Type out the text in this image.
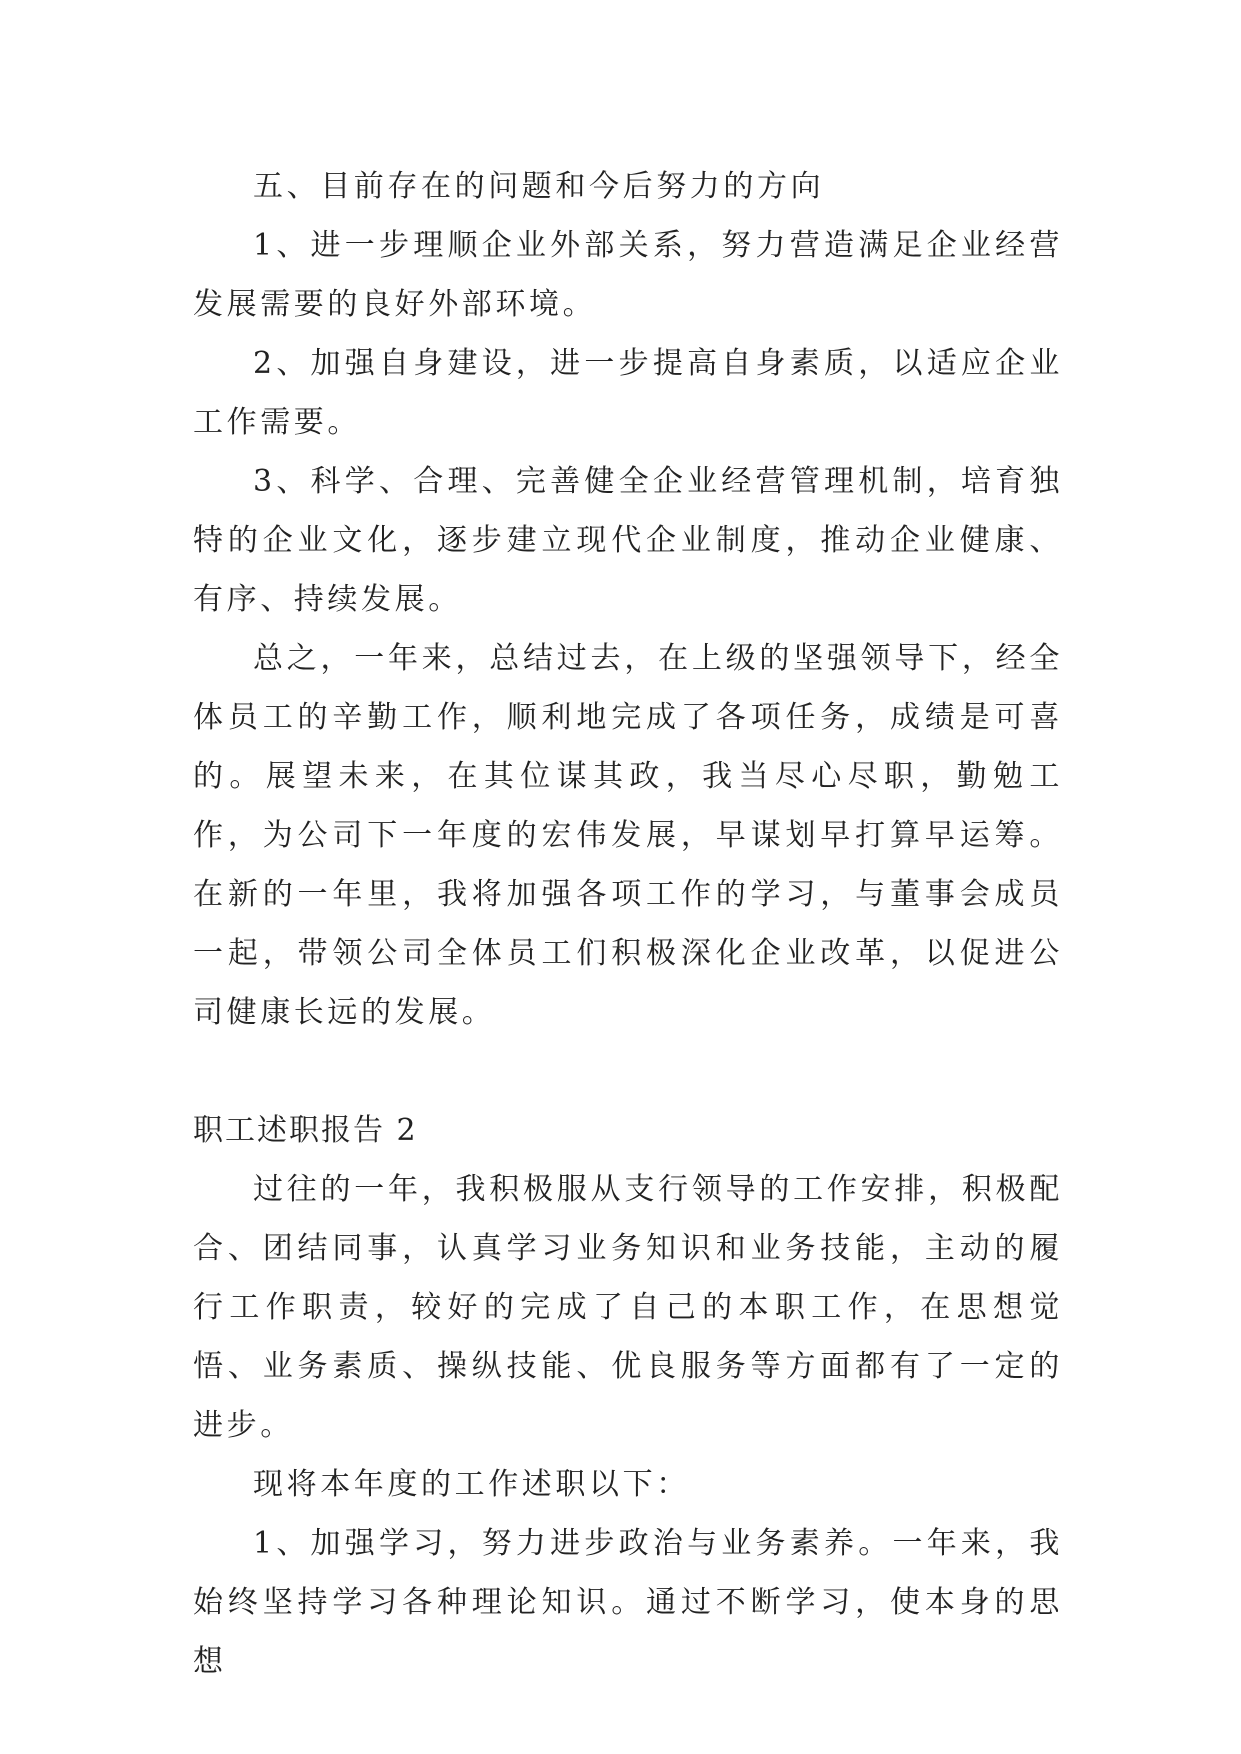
五、目前存在的问题和今后努力的方向

1、进一步理顺企业外部关系，努力营造满足企业经营发展需要的良好外部环境。

2、加强自身建设，进一步提高自身素质，以适应企业工作需要。

3、科学、合理、完善健全企业经营管理机制，培育独特的企业文化，逐步建立现代企业制度，推动企业健康、有序、持续发展。

总之，一年来，总结过去，在上级的坚强领导下，经全体员工的辛勤工作，顺利地完成了各项任务，成绩是可喜的。展望未来，在其位谋其政，我当尽心尽职，勤勉工作，为公司下一年度的宏伟发展，早谋划早打算早运筹。在新的一年里，我将加强各项工作的学习，与董事会成员一起，带领公司全体员工们积极深化企业改革，以促进公司健康长远的发展。

职工述职报告 2

过往的一年，我积极服从支行领导的工作安排，积极配合、团结同事，认真学习业务知识和业务技能，主动的履行工作职责，较好的完成了自己的本职工作，在思想觉悟、业务素质、操纵技能、优良服务等方面都有了一定的进步。

现将本年度的工作述职以下：

1、加强学习，努力进步政治与业务素养。一年来，我始终坚持学习各种理论知识。通过不断学习，使本身的思想
